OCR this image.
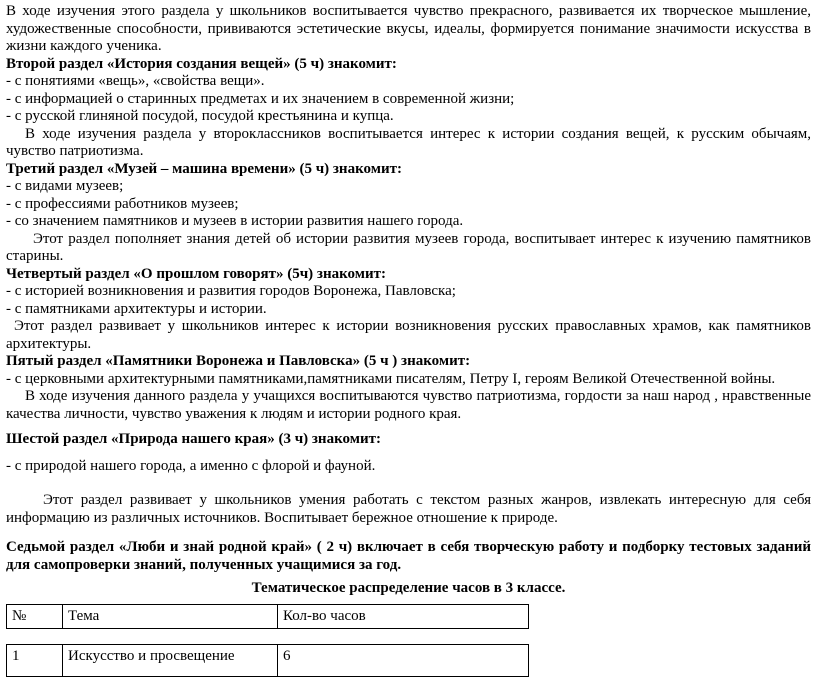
В ходе изучения этого раздела у школьников воспитывается чувство прекрасного, развивается их творческое мышление, художественные способности, прививаются эстетические вкусы, идеалы, формируется понимание значимости искусства в жизни каждого ученика.

Второй раздел «История создания вещей» (5 ч) знакомит:

- с понятиями «вещь», «свойства вещи».

- с информацией о старинных предметах и их значением в современной жизни;

- с русской глиняной посудой, посудой крестьянина и купца.

В ходе изучения раздела у второклассников воспитывается интерес к истории создания вещей, к русским обычаям, чувство патриотизма.

Третий раздел «Музей – машина времени» (5 ч) знакомит:

- с видами музеев;

- с профессиями работников музеев;

- со значением памятников и музеев в истории развития нашего города.

Этот раздел пополняет знания детей об истории развития музеев города, воспитывает интерес к изучению памятников старины.

Четвертый раздел «О прошлом говорят» (5ч) знакомит:

- с историей возникновения и развития городов Воронежа, Павловска;

- с памятниками архитектуры и истории.

Этот раздел развивает у школьников интерес к истории возникновения русских православных храмов, как памятников архитектуры.

Пятый раздел «Памятники Воронежа и Павловска» (5 ч ) знакомит:

- с церковными архитектурными памятниками,памятниками писателям, Петру I, героям Великой Отечественной войны.

В ходе изучения данного раздела у учащихся воспитываются чувство патриотизма, гордости за наш народ , нравственные качества личности, чувство уважения к людям и истории родного края.

Шестой раздел «Природа нашего края» (3 ч) знакомит:

- с природой нашего города, а именно с флорой и фауной.

Этот раздел развивает у школьников умения работать с текстом разных жанров, извлекать интересную для себя информацию из различных источников. Воспитывает бережное отношение к природе.

Седьмой раздел «Люби и знай родной край» ( 2 ч) включает в себя творческую работу и подборку тестовых заданий для самопроверки знаний, полученных учащимися за год.

Тематическое распределение часов в 3 классе.

№	Тема	Кол-во часов
1	Искусство и просвещение	6
